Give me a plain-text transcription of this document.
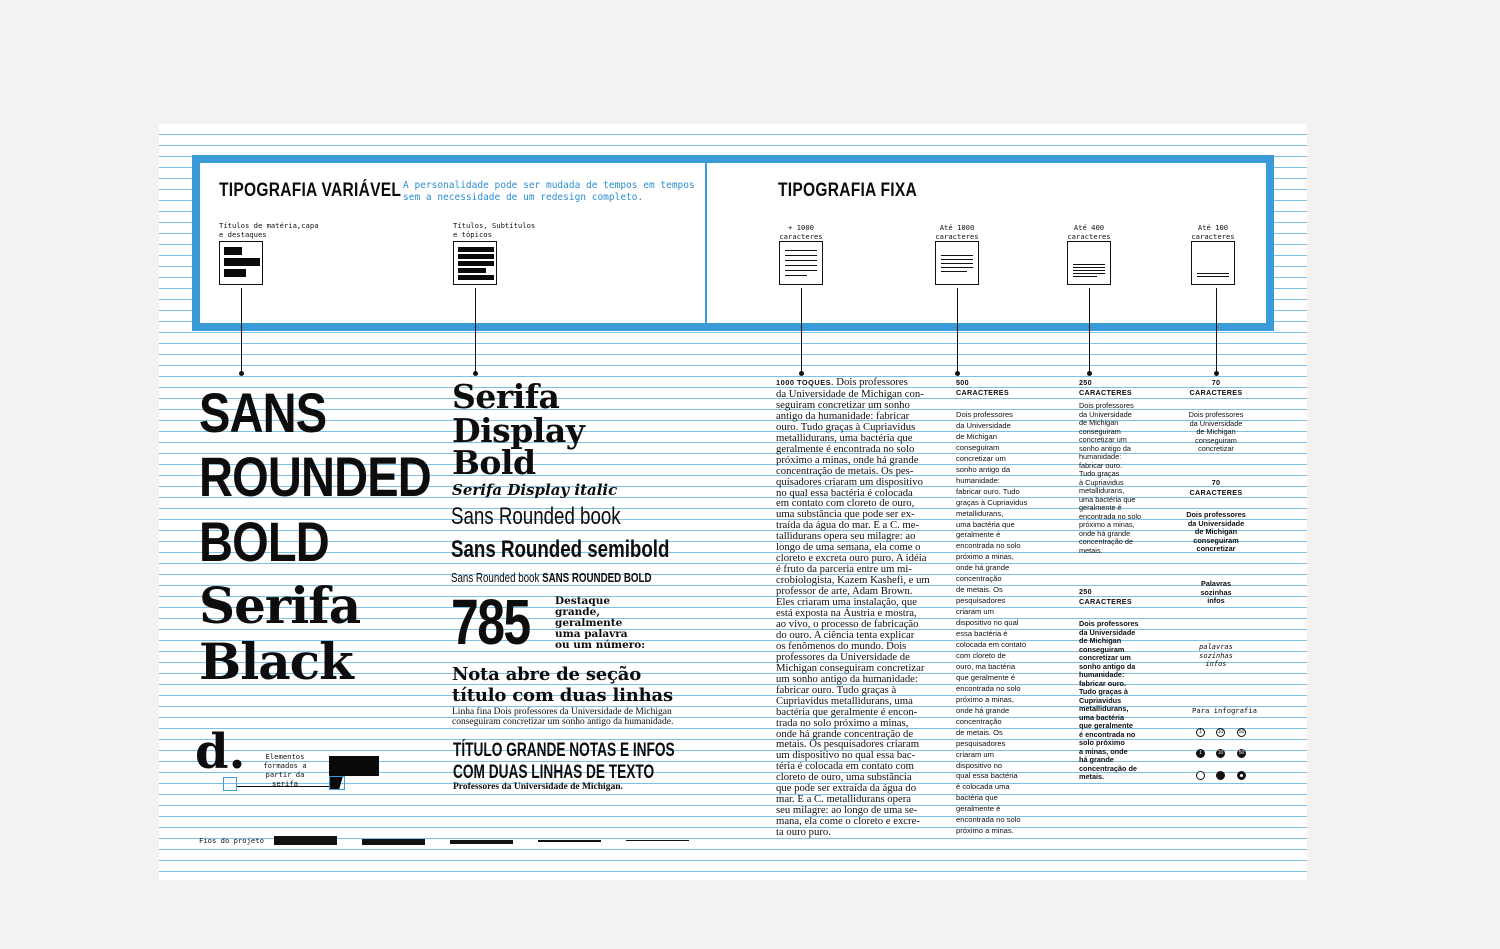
TIPOGRAFIA VARIÁVEL A personalidade pode ser mudada de tempos em tempos
sem a necessidade de um redesign completo.	TIPOGRAFIA FIXA
Títulos de matéria,capa
e destaques
Títulos, Subtítulos
e tópicos
+ 1000
caracteres
Até 1000
caracteres
Até 400
caracteres
Até 100
caracteres
SANS
ROUNDED
BOLD
Serifa
Black
d.	Elementos
formados a
partir da
serifa
Fios do projeto
Serifa
Display
Bold
Serifa Display italic
Sans Rounded book
Sans Rounded semibold
Sans Rounded book SANS ROUNDED BOLD
785 Destaque
grande,
geralmente
uma palavra
ou um número:
Nota abre de seção
título com duas linhas
Linha fina Dois professores da Universidade de Michigan
conseguiram concretizar um sonho antigo da humanidade.
TÍTULO GRANDE NOTAS E INFOS
COM DUAS LINHAS DE TEXTO
Professores da Universidade de Michigan.
1000 TOQUES. Dois professores
da Universidade de Michigan con-
seguiram concretizar um sonho
antigo da humanidade: fabricar
ouro. Tudo graças à Cupriavidus
metallidurans, uma bactéria que
geralmente é encontrada no solo
próximo a minas, onde há grande
concentração de metais. Os pes-
quisadores criaram um dispositivo
no qual essa bactéria é colocada
em contato com cloreto de ouro,
uma substância que pode ser ex-
traída da água do mar. E a C. me-
tallidurans opera seu milagre: ao
longo de uma semana, ela come o
cloreto e excreta ouro puro. A idéia
é fruto da parceria entre um mi-
crobiologista, Kazem Kashefi, e um
professor de arte, Adam Brown.
Eles criaram uma instalação, que
está exposta na Áustria e mostra,
ao vivo, o processo de fabricação
do ouro. A ciência tenta explicar
os fenômenos do mundo. Dois
professores da Universidade de
Michigan conseguiram concretizar
um sonho antigo da humanidade:
fabricar ouro. Tudo graças à
Cupriavidus metallidurans, uma
bactéria que geralmente é encon-
trada no solo próximo a minas,
onde há grande concentração de
metais. Os pesquisadores criaram
um dispositivo no qual essa bac-
téria é colocada em contato com
cloreto de ouro, uma substância
que pode ser extraída da água do
mar. E a C. metallidurans opera
seu milagre: ao longo de uma se-
mana, ela come o cloreto e excre-
ta ouro puro.
500
CARACTERES
Dois professores
da Universidade
de Michigan
conseguiram
concretizar um
sonho antigo da
humanidade:
fabricar ouro. Tudo
graças à Cupriavidus
metallidurans,
uma bactéria que
geralmente é
encontrada no solo
próximo a minas,
onde há grande
concentração
de metais. Os
pesquisadores
criaram um
dispositivo no qual
essa bactéria é
colocada em contato
com cloreto de
ouro, ma bactéria
que geralmente é
encontrada no solo
próximo a minas,
onde há grande
concentração
de metais. Os
pesquisadores
criaram um
dispositivo no
qual essa bactéria
é colocada uma
bactéria que
geralmente é
encontrada no solo
próximo a minas.
250
CARACTERES
Dois professores
da Universidade
de Michigan
conseguiram
concretizar um
sonho antigo da
humanidade:
fabricar ouro.
Tudo graças
à Cupriavidus
metallidurans,
uma bactéria que
geralmente é
encontrada no solo
próximo a minas,
onde há grande
concentração de
metais.
250
CARACTERES
Dois professores
da Universidade
de Michigan
conseguiram
concretizar um
sonho antigo da
humanidade:
fabricar ouro.
Tudo graças à
Cupriavidus
metallidurans,
uma bactéria
que geralmente
é encontrada no
solo próximo
a minas, onde
há grande
concentração de
metais.
70
CARACTERES
Dois professores
da Universidade
de Michigan
conseguiram
concretizar
70
CARACTERES
Dois professores
da Universidade
de Michigan
conseguiram
concretizar
Palavras
sozinhas
infos
palavras
sozinhas
infos
Para infografia
1	10	50
1	10	50
